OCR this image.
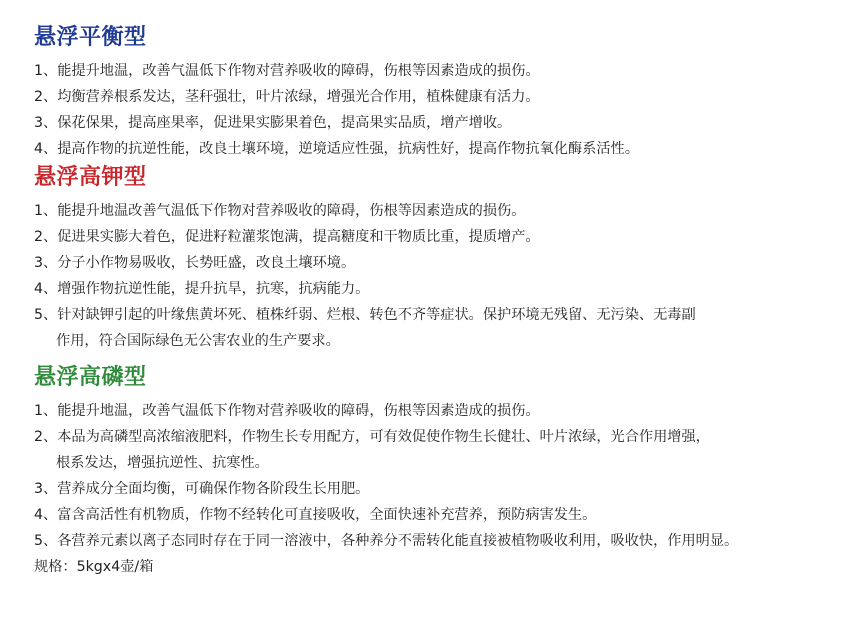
悬浮平衡型
1、能提升地温，改善气温低下作物对营养吸收的障碍，伤根等因素造成的损伤。
2、均衡营养根系发达，茎秆强壮，叶片浓绿，增强光合作用，植株健康有活力。
3、保花保果，提高座果率，促进果实膨果着色，提高果实品质，增产增收。
4、提高作物的抗逆性能，改良土壤环境，逆境适应性强，抗病性好，提高作物抗氧化酶系活性。
悬浮高钾型
1、能提升地温改善气温低下作物对营养吸收的障碍，伤根等因素造成的损伤。
2、促进果实膨大着色，促进籽粒灌浆饱满，提高糖度和干物质比重，提质增产。
3、分子小作物易吸收，长势旺盛，改良土壤环境。
4、增强作物抗逆性能，提升抗旱，抗寒，抗病能力。
5、针对缺钾引起的叶缘焦黄坏死、植株纤弱、烂根、转色不齐等症状。保护环境无残留、无污染、无毒副
作用，符合国际绿色无公害农业的生产要求。
悬浮高磷型
1、能提升地温，改善气温低下作物对营养吸收的障碍，伤根等因素造成的损伤。
2、本品为高磷型高浓缩液肥料，作物生长专用配方，可有效促使作物生长健壮、叶片浓绿，光合作用增强，
根系发达，增强抗逆性、抗寒性。
3、营养成分全面均衡，可确保作物各阶段生长用肥。
4、富含高活性有机物质，作物不经转化可直接吸收，全面快速补充营养，预防病害发生。
5、各营养元素以离子态同时存在于同一溶液中，各种养分不需转化能直接被植物吸收利用，吸收快，作用明显。
规格：5kgx4壶/箱
